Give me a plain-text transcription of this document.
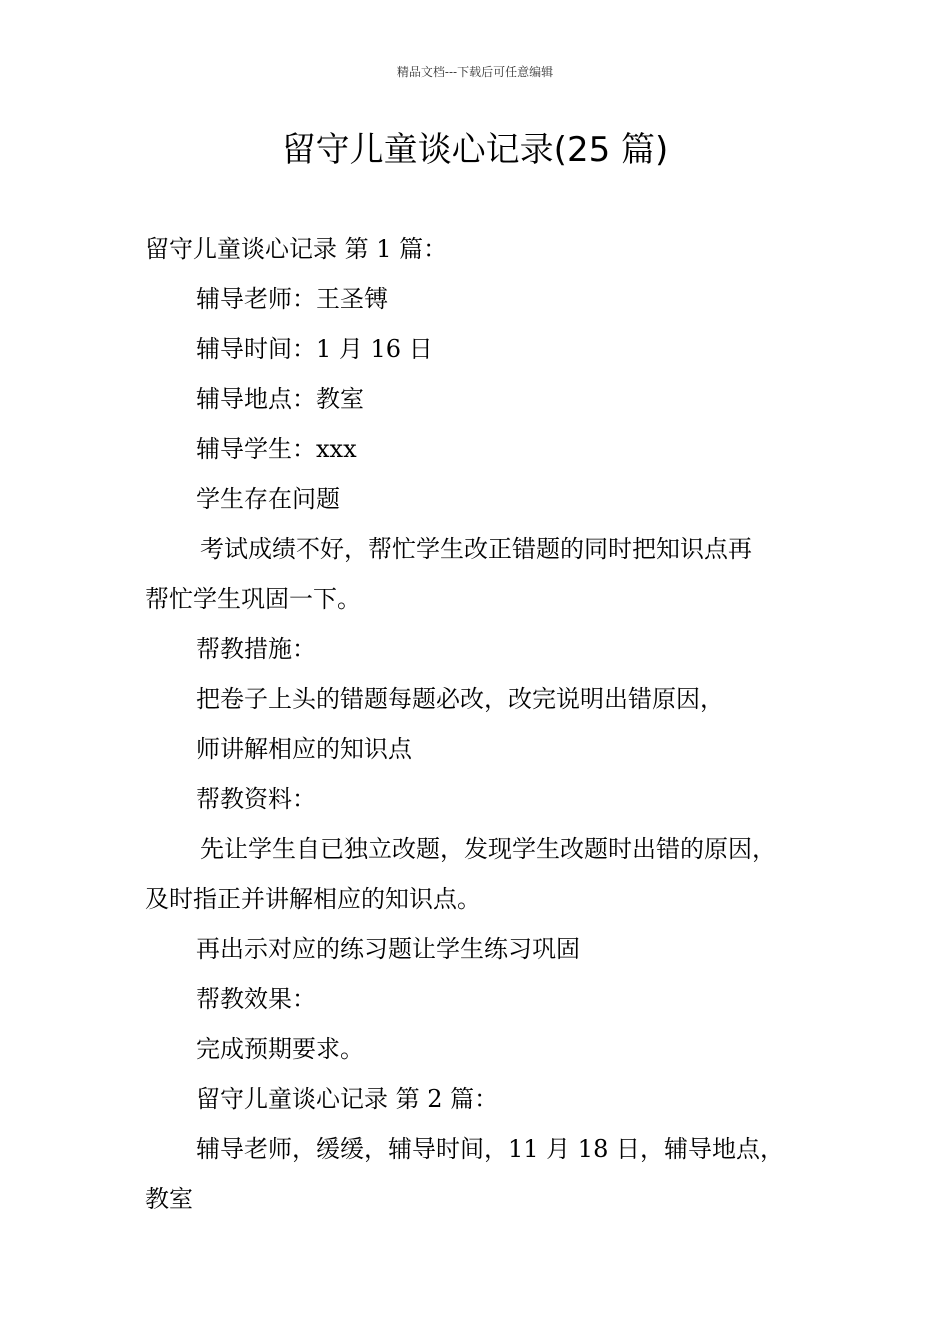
精品文档---下载后可任意编辑
留守儿童谈心记录(25 篇)

留守儿童谈心记录 第 1 篇：

辅导老师：王圣镈

辅导时间：1 月 16 日

辅导地点：教室

辅导学生：xxx

学生存在问题

考试成绩不好，帮忙学生改正错题的同时把知识点再

帮忙学生巩固一下。

帮教措施：

把卷子上头的错题每题必改，改完说明出错原因，

师讲解相应的知识点

帮教资料：

先让学生自已独立改题，发现学生改题时出错的原因，

及时指正并讲解相应的知识点。

再出示对应的练习题让学生练习巩固

帮教效果：

完成预期要求。

留守儿童谈心记录 第 2 篇：

辅导老师，缓缓，辅导时间，11 月 18 日，辅导地点，

教室
